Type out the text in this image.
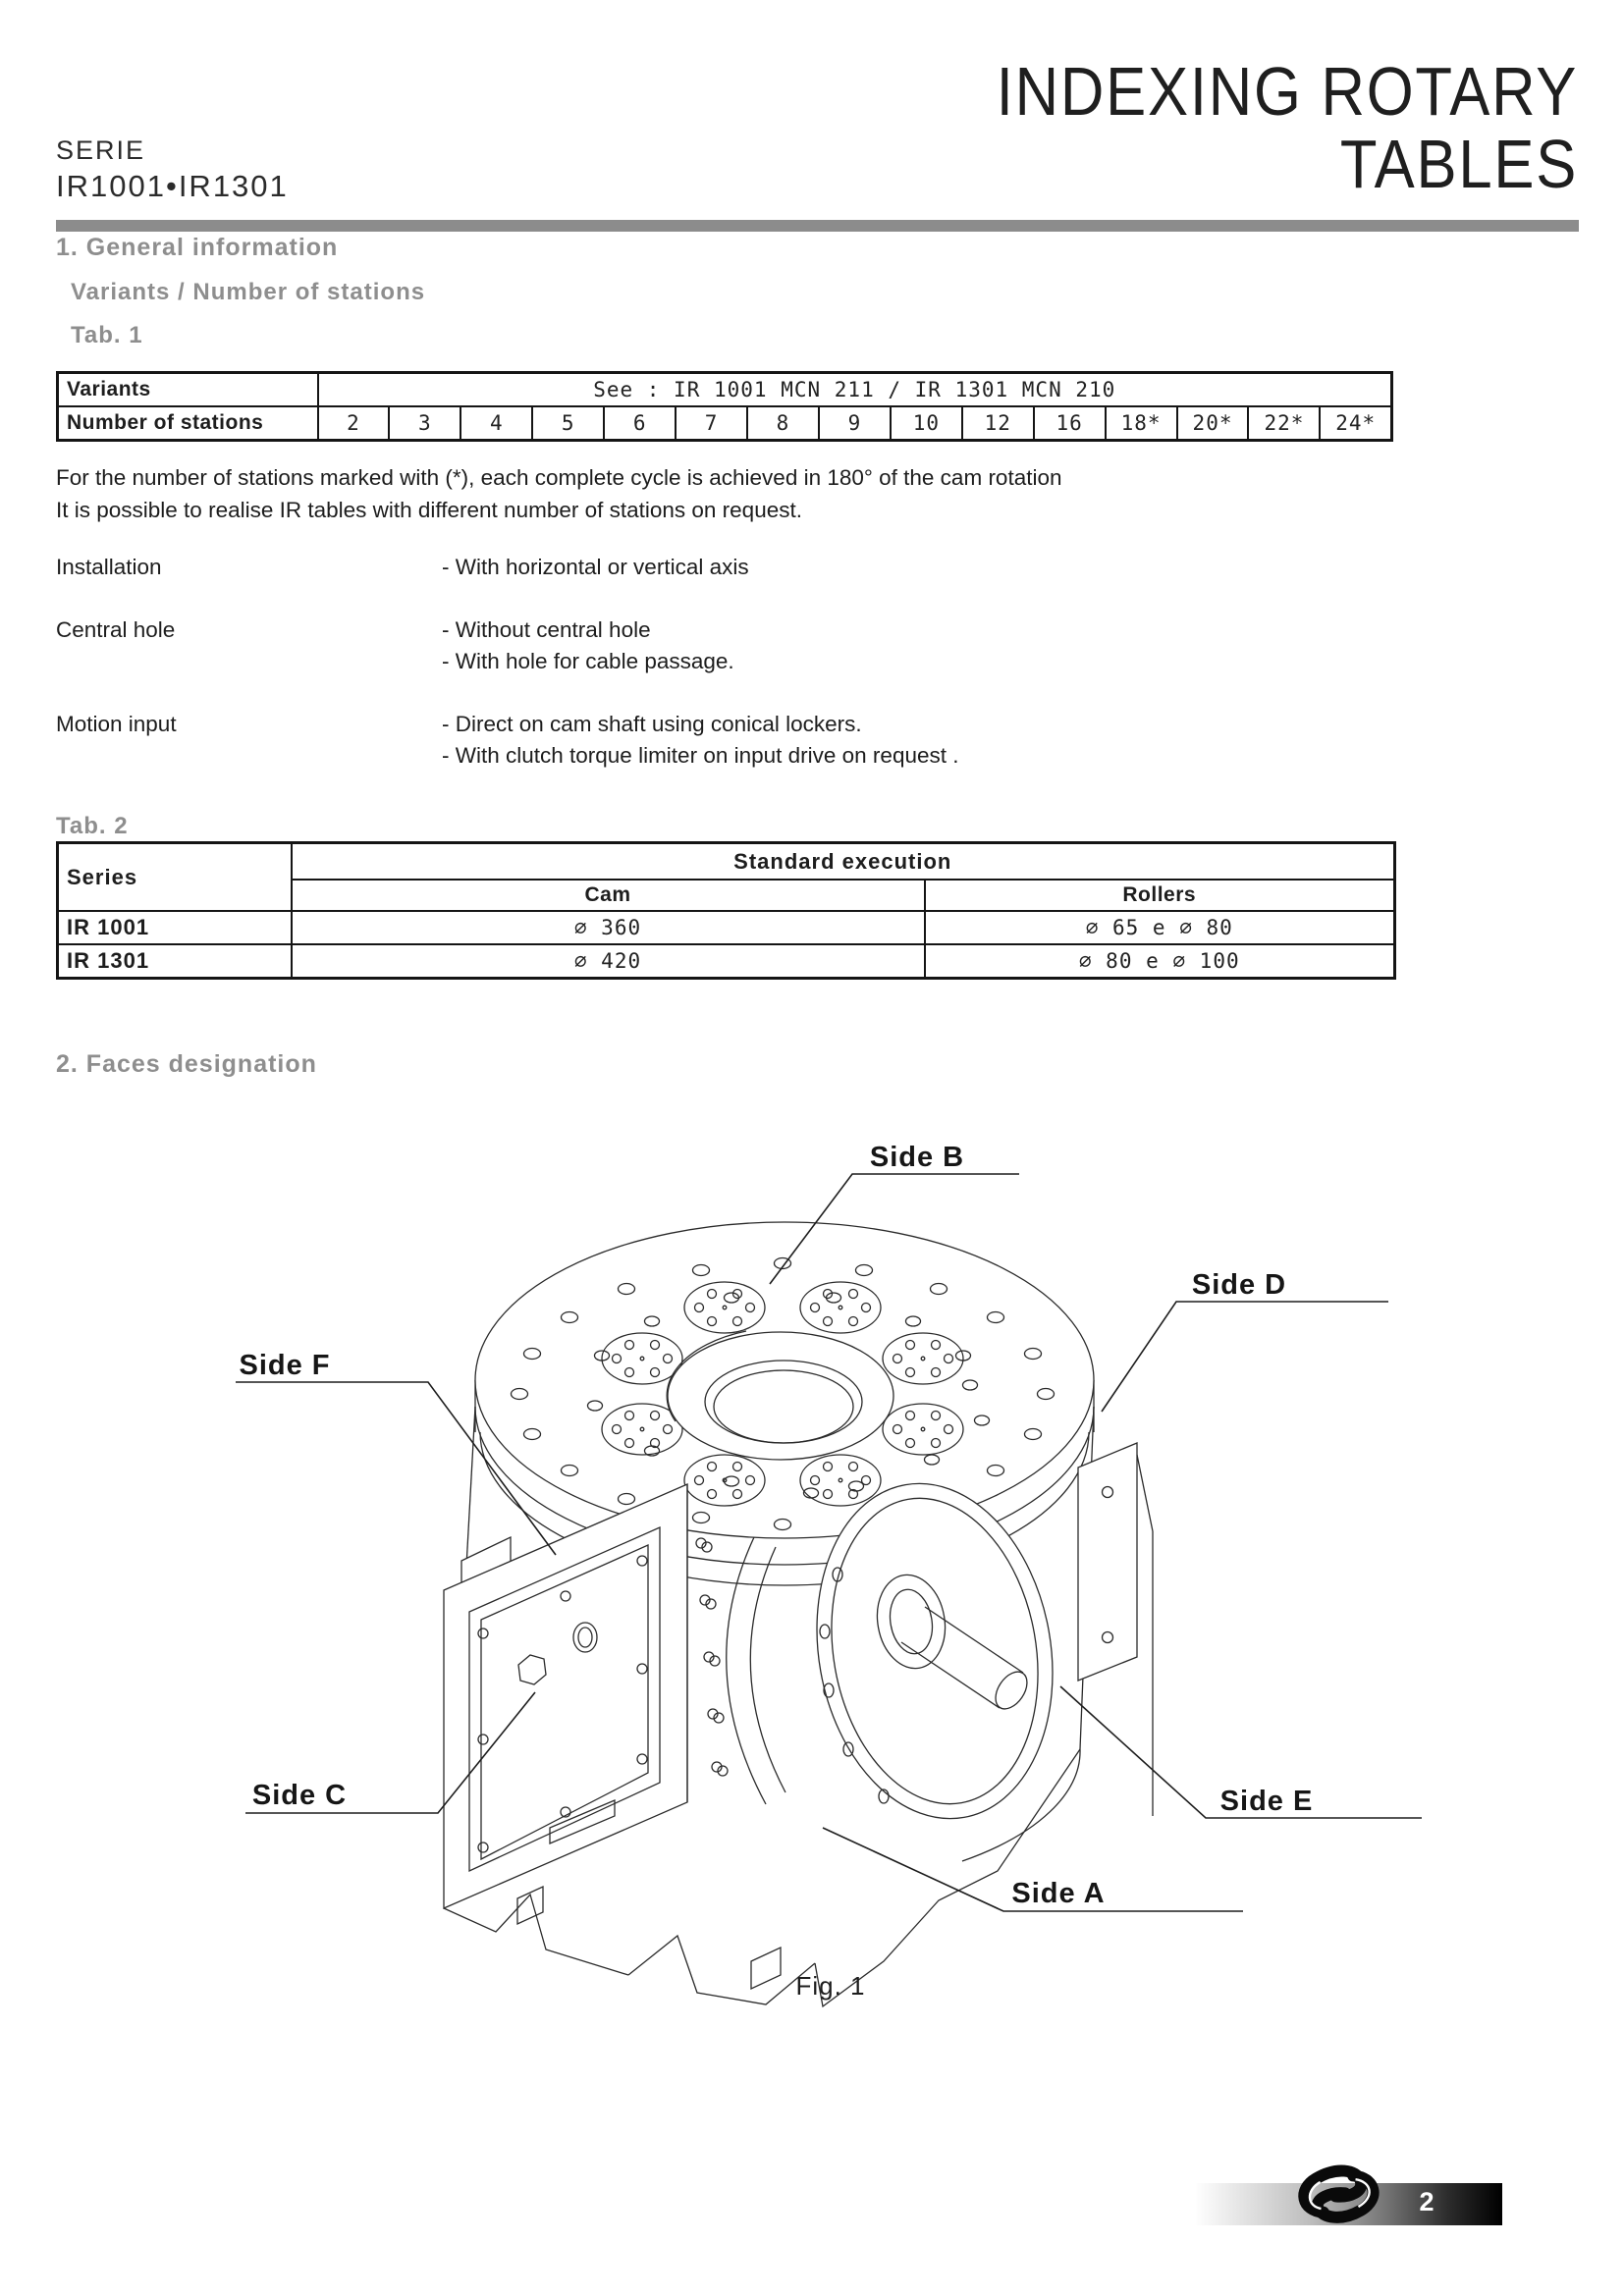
SERIE
IR1001•IR1301
INDEXING ROTARY
TABLES
1. General information
Variants / Number of stations
Tab. 1
Variants	See : IR 1001 MCN 211 / IR 1301 MCN 210														
Number of stations	2	3	4	5	6	7	8	9	10	12	16	18*	20*	22*	24*
For the number of stations marked with (*), each complete cycle is achieved in 180° of the cam rotation
It is possible to realise IR tables with different number of stations on request.
Installation	- With horizontal or vertical axis
Central hole	- Without central hole
- With hole for cable passage.
Motion input	- Direct on cam shaft using conical lockers.
- With clutch torque limiter on input drive on request .
Tab. 2
Series	Standard execution	
	Cam	Rollers
IR 1001	∅ 360	∅ 65 e ∅ 80
IR 1301	∅ 420	∅ 80 e ∅ 100
2. Faces designation
Side B
Side D
Side F
Side C	Side E
Side A
Fig. 1
2
